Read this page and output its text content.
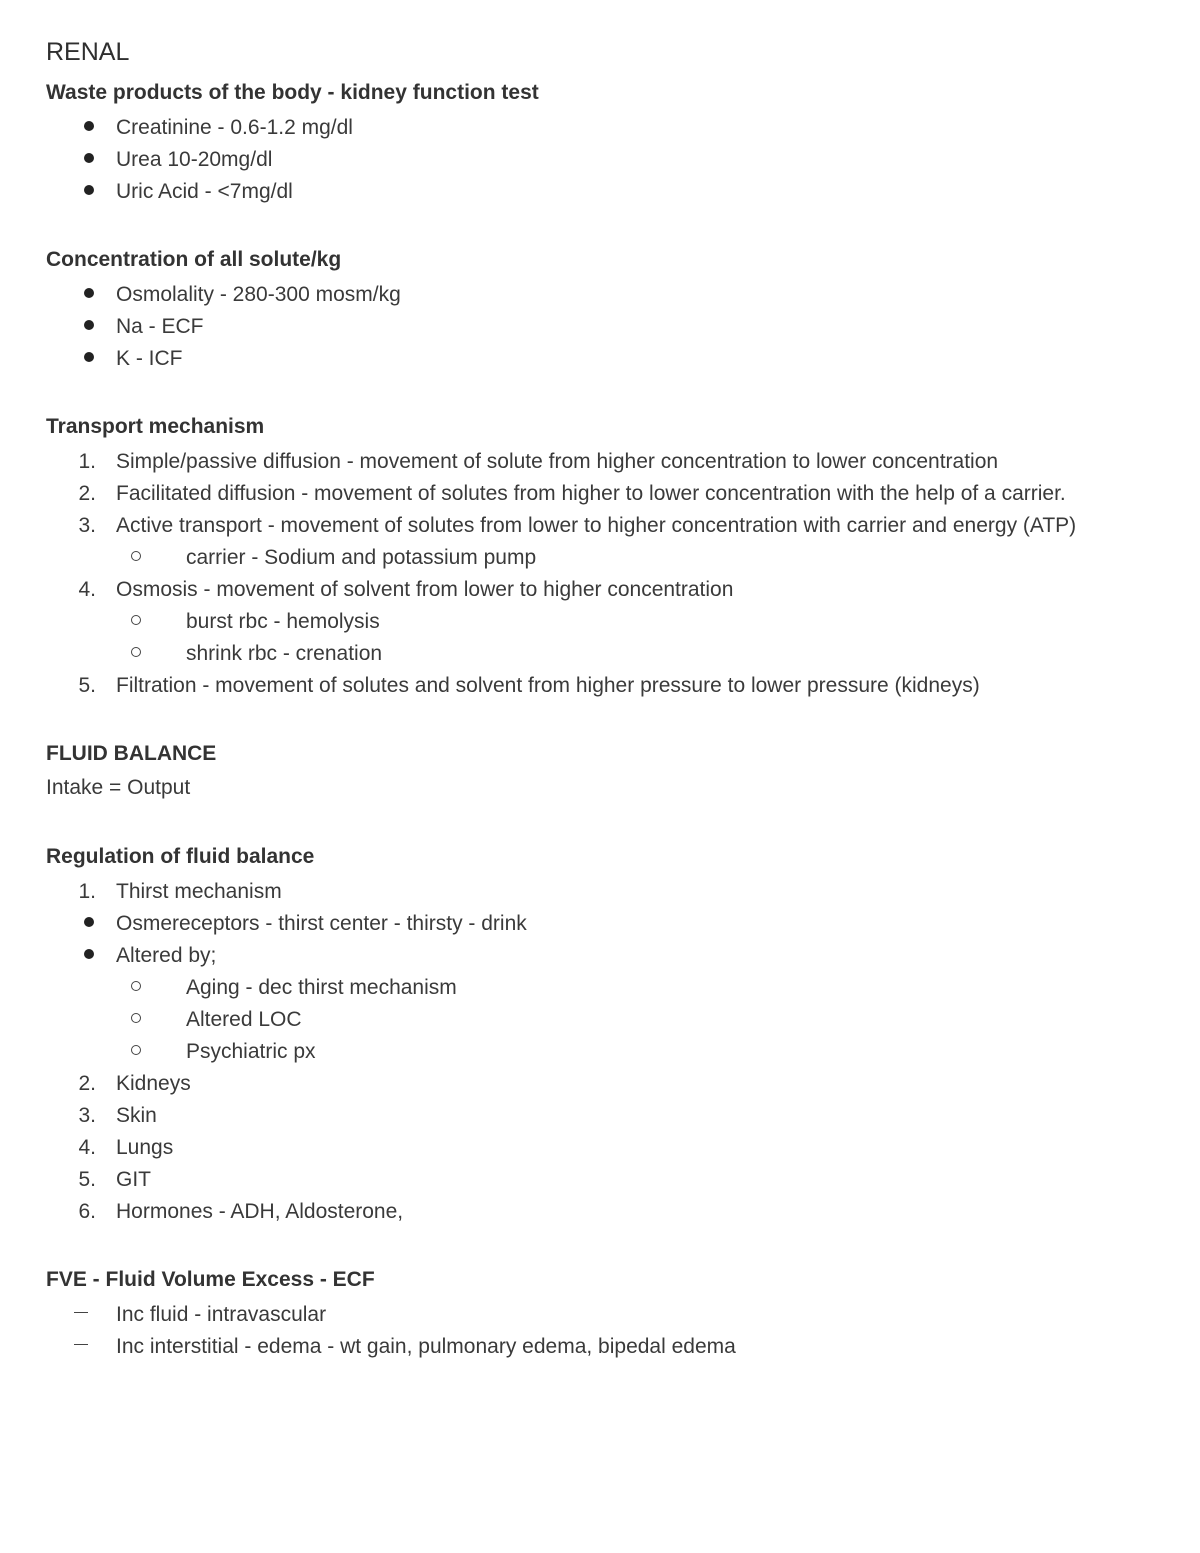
RENAL
Waste products of the body - kidney function test
Creatinine - 0.6-1.2 mg/dl
Urea 10-20mg/dl
Uric Acid - <7mg/dl
Concentration of all solute/kg
Osmolality - 280-300 mosm/kg
Na - ECF
K - ICF
Transport mechanism
1. Simple/passive diffusion - movement of solute from higher concentration to lower concentration
2. Facilitated diffusion - movement of solutes from higher to lower concentration with the help of a carrier.
3. Active transport - movement of solutes from lower to higher concentration with carrier and energy (ATP)
carrier - Sodium and potassium pump
4. Osmosis - movement of solvent from lower to higher concentration
burst rbc - hemolysis
shrink rbc - crenation
5. Filtration - movement of solutes and solvent from higher pressure to lower pressure (kidneys)
FLUID BALANCE

Intake = Output

Regulation of fluid balance
1. Thirst mechanism
Osmereceptors - thirst center - thirsty - drink
Altered by;
Aging - dec thirst mechanism
Altered LOC
Psychiatric px
2. Kidneys
3. Skin
4. Lungs
5. GIT
6. Hormones - ADH, Aldosterone,
FVE - Fluid Volume Excess - ECF
Inc fluid - intravascular
Inc interstitial - edema - wt gain, pulmonary edema, bipedal edema
